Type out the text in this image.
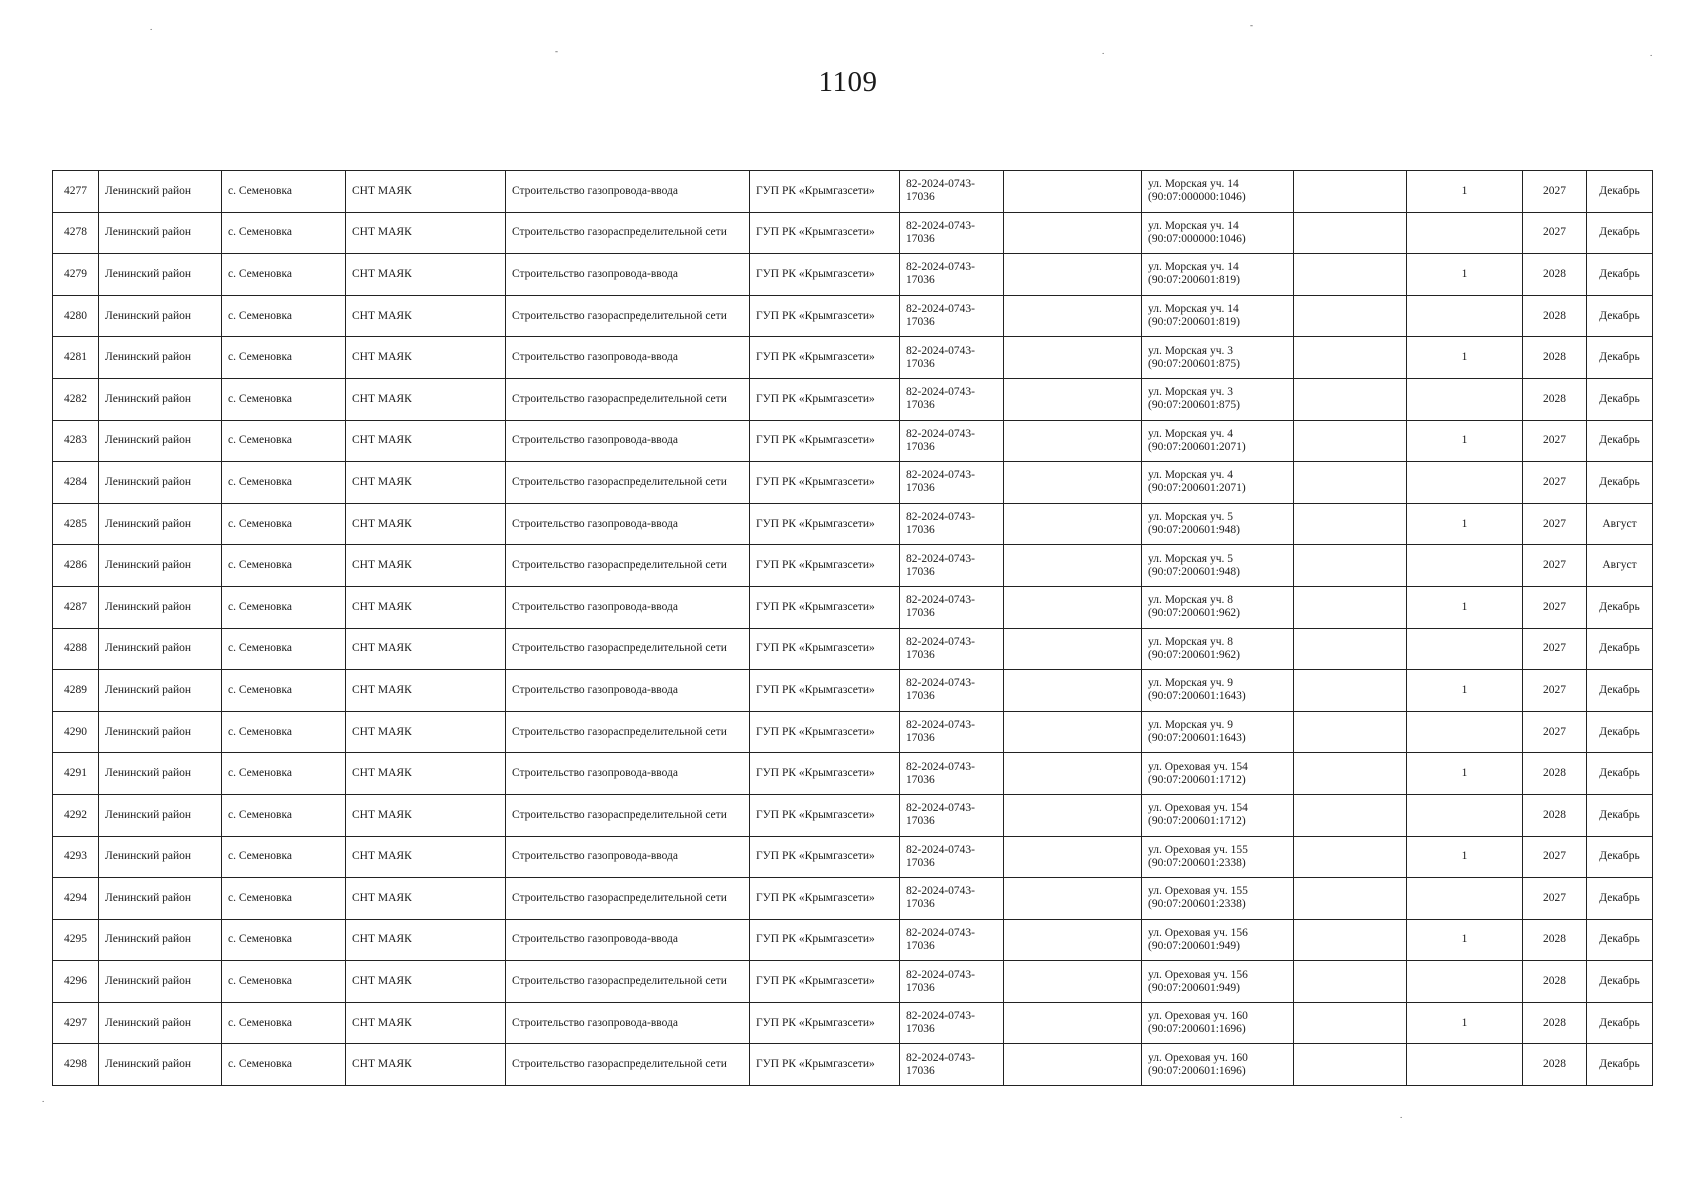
1109
.
-	.
-
.
.
.
4277	Ленинский район	с. Семеновка	СНТ МАЯК	Строительство газопровода-ввода	ГУП РК «Крымгазсети»	82-2024-0743-17036		ул. Морская уч. 14 (90:07:000000:1046)		1	2027	Декабрь
4278	Ленинский район	с. Семеновка	СНТ МАЯК	Строительство газораспределительной сети	ГУП РК «Крымгазсети»	82-2024-0743-17036		ул. Морская уч. 14 (90:07:000000:1046)			2027	Декабрь
4279	Ленинский район	с. Семеновка	СНТ МАЯК	Строительство газопровода-ввода	ГУП РК «Крымгазсети»	82-2024-0743-17036		ул. Морская уч. 14 (90:07:200601:819)		1	2028	Декабрь
4280	Ленинский район	с. Семеновка	СНТ МАЯК	Строительство газораспределительной сети	ГУП РК «Крымгазсети»	82-2024-0743-17036		ул. Морская уч. 14 (90:07:200601:819)			2028	Декабрь
4281	Ленинский район	с. Семеновка	СНТ МАЯК	Строительство газопровода-ввода	ГУП РК «Крымгазсети»	82-2024-0743-17036		ул. Морская уч. 3 (90:07:200601:875)		1	2028	Декабрь
4282	Ленинский район	с. Семеновка	СНТ МАЯК	Строительство газораспределительной сети	ГУП РК «Крымгазсети»	82-2024-0743-17036		ул. Морская уч. 3 (90:07:200601:875)			2028	Декабрь
4283	Ленинский район	с. Семеновка	СНТ МАЯК	Строительство газопровода-ввода	ГУП РК «Крымгазсети»	82-2024-0743-17036		ул. Морская уч. 4 (90:07:200601:2071)		1	2027	Декабрь
4284	Ленинский район	с. Семеновка	СНТ МАЯК	Строительство газораспределительной сети	ГУП РК «Крымгазсети»	82-2024-0743-17036		ул. Морская уч. 4 (90:07:200601:2071)			2027	Декабрь
4285	Ленинский район	с. Семеновка	СНТ МАЯК	Строительство газопровода-ввода	ГУП РК «Крымгазсети»	82-2024-0743-17036		ул. Морская уч. 5 (90:07:200601:948)		1	2027	Август
4286	Ленинский район	с. Семеновка	СНТ МАЯК	Строительство газораспределительной сети	ГУП РК «Крымгазсети»	82-2024-0743-17036		ул. Морская уч. 5 (90:07:200601:948)			2027	Август
4287	Ленинский район	с. Семеновка	СНТ МАЯК	Строительство газопровода-ввода	ГУП РК «Крымгазсети»	82-2024-0743-17036		ул. Морская уч. 8 (90:07:200601:962)		1	2027	Декабрь
4288	Ленинский район	с. Семеновка	СНТ МАЯК	Строительство газораспределительной сети	ГУП РК «Крымгазсети»	82-2024-0743-17036		ул. Морская уч. 8 (90:07:200601:962)			2027	Декабрь
4289	Ленинский район	с. Семеновка	СНТ МАЯК	Строительство газопровода-ввода	ГУП РК «Крымгазсети»	82-2024-0743-17036		ул. Морская уч. 9 (90:07:200601:1643)		1	2027	Декабрь
4290	Ленинский район	с. Семеновка	СНТ МАЯК	Строительство газораспределительной сети	ГУП РК «Крымгазсети»	82-2024-0743-17036		ул. Морская уч. 9 (90:07:200601:1643)			2027	Декабрь
4291	Ленинский район	с. Семеновка	СНТ МАЯК	Строительство газопровода-ввода	ГУП РК «Крымгазсети»	82-2024-0743-17036		ул. Ореховая уч. 154 (90:07:200601:1712)		1	2028	Декабрь
4292	Ленинский район	с. Семеновка	СНТ МАЯК	Строительство газораспределительной сети	ГУП РК «Крымгазсети»	82-2024-0743-17036		ул. Ореховая уч. 154 (90:07:200601:1712)			2028	Декабрь
4293	Ленинский район	с. Семеновка	СНТ МАЯК	Строительство газопровода-ввода	ГУП РК «Крымгазсети»	82-2024-0743-17036		ул. Ореховая уч. 155 (90:07:200601:2338)		1	2027	Декабрь
4294	Ленинский район	с. Семеновка	СНТ МАЯК	Строительство газораспределительной сети	ГУП РК «Крымгазсети»	82-2024-0743-17036		ул. Ореховая уч. 155 (90:07:200601:2338)			2027	Декабрь
4295	Ленинский район	с. Семеновка	СНТ МАЯК	Строительство газопровода-ввода	ГУП РК «Крымгазсети»	82-2024-0743-17036		ул. Ореховая уч. 156 (90:07:200601:949)		1	2028	Декабрь
4296	Ленинский район	с. Семеновка	СНТ МАЯК	Строительство газораспределительной сети	ГУП РК «Крымгазсети»	82-2024-0743-17036		ул. Ореховая уч. 156 (90:07:200601:949)			2028	Декабрь
4297	Ленинский район	с. Семеновка	СНТ МАЯК	Строительство газопровода-ввода	ГУП РК «Крымгазсети»	82-2024-0743-17036		ул. Ореховая уч. 160 (90:07:200601:1696)		1	2028	Декабрь
4298	Ленинский район	с. Семеновка	СНТ МАЯК	Строительство газораспределительной сети	ГУП РК «Крымгазсети»	82-2024-0743-17036		ул. Ореховая уч. 160 (90:07:200601:1696)			2028	Декабрь
